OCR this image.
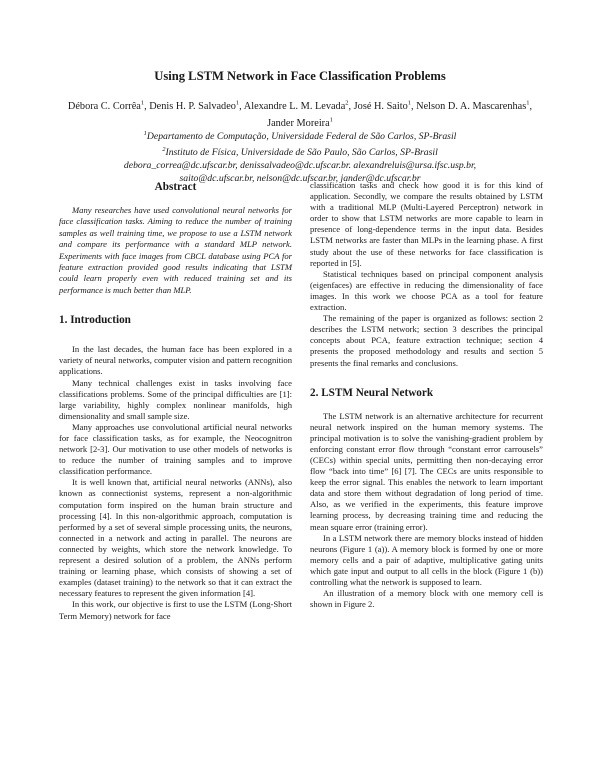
Using LSTM Network in Face Classification Problems
Débora C. Corrêa$^1$, Denis H. P. Salvadeo$^1$, Alexandre L. M. Levada$^2$, José H. Saito$^1$, Nelson D. A. Mascarenhas$^1$, Jander Moreira$^1$
$^1$Departamento de Computação, Universidade Federal de São Carlos, SP-Brasil
$^2$Instituto de Física, Universidade de São Paulo, São Carlos, SP-Brasil
debora_correa@dc.ufscar.br, denissalvadeo@dc.ufscar.br. alexandreluis@ursa.ifsc.usp.br,
saito@dc.ufscar.br, nelson@dc.ufscar.br, jander@dc.ufscar.br

Abstract

Many researches have used convolutional neural networks for face classification tasks. Aiming to reduce the number of training samples as well training time, we propose to use a LSTM network and compare its performance with a standard MLP network. Experiments with face images from CBCL database using PCA for feature extraction provided good results indicating that LSTM could learn properly even with reduced training set and its performance is much better than MLP.

1. Introduction

In the last decades, the human face has been explored in a variety of neural networks, computer vision and pattern recognition applications.

Many technical challenges exist in tasks involving face classifications problems. Some of the principal difficulties are [1]: large variability, highly complex nonlinear manifolds, high dimensionality and small sample size.

Many approaches use convolutional artificial neural networks for face classification tasks, as for example, the Neocognitron network [2-3]. Our motivation to use other models of networks is to reduce the number of training samples and to improve classification performance.

It is well known that, artificial neural networks (ANNs), also known as connectionist systems, represent a non-algorithmic computation form inspired on the human brain structure and processing [4]. In this non-algorithmic approach, computation is performed by a set of several simple processing units, the neurons, connected in a network and acting in parallel. The neurons are connected by weights, which store the network knowledge. To represent a desired solution of a problem, the ANNs perform training or learning phase, which consists of showing a set of examples (dataset training) to the network so that it can extract the necessary features to represent the given information [4].

In this work, our objective is first to use the LSTM (Long-Short Term Memory) network for face

classification tasks and check how good it is for this kind of application. Secondly, we compare the results obtained by LSTM with a traditional MLP (Multi-Layered Perceptron) network in order to show that LSTM networks are more capable to learn in presence of long-dependence terms in the input data. Besides LSTM networks are faster than MLPs in the learning phase. A first study about the use of these networks for face classification is reported in [5].

Statistical techniques based on principal component analysis (eigenfaces) are effective in reducing the dimensionality of face images. In this work we choose PCA as a tool for feature extraction.

The remaining of the paper is organized as follows: section 2 describes the LSTM network; section 3 describes the principal concepts about PCA, feature extraction technique; section 4 presents the proposed methodology and results and section 5 presents the final remarks and conclusions.

2. LSTM Neural Network

The LSTM network is an alternative architecture for recurrent neural network inspired on the human memory systems. The principal motivation is to solve the vanishing-gradient problem by enforcing constant error flow through “constant error carrousels” (CECs) within special units, permitting then non-decaying error flow “back into time” [6] [7]. The CECs are units responsible to keep the error signal. This enables the network to learn important data and store them without degradation of long period of time. Also, as we verified in the experiments, this feature improve learning process, by decreasing training time and reducing the mean square error (training error).

In a LSTM network there are memory blocks instead of hidden neurons (Figure 1 (a)). A memory block is formed by one or more memory cells and a pair of adaptive, multiplicative gating units which gate input and output to all cells in the block (Figure 1 (b)) controlling what the network is supposed to learn.

An illustration of a memory block with one memory cell is shown in Figure 2.
